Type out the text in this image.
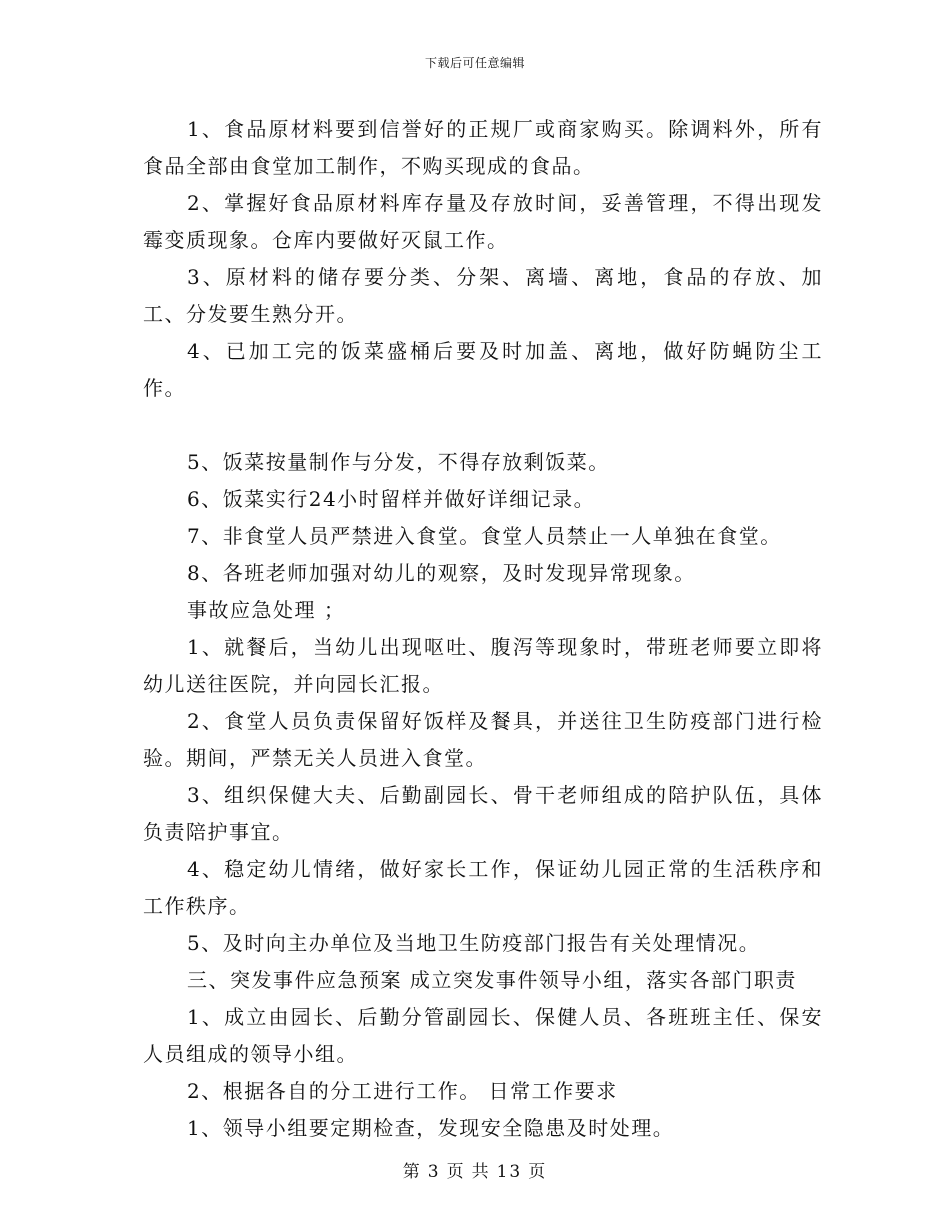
下载后可任意编辑

1、食品原材料要到信誉好的正规厂或商家购买。除调料外，所有食品全部由食堂加工制作，不购买现成的食品。

2、掌握好食品原材料库存量及存放时间，妥善管理，不得出现发霉变质现象。仓库内要做好灭鼠工作。

3、原材料的储存要分类、分架、离墙、离地，食品的存放、加工、分发要生熟分开。

4、已加工完的饭菜盛桶后要及时加盖、离地，做好防蝇防尘工作。

5、饭菜按量制作与分发，不得存放剩饭菜。

6、饭菜实行24小时留样并做好详细记录。

7、非食堂人员严禁进入食堂。食堂人员禁止一人单独在食堂。

8、各班老师加强对幼儿的观察，及时发现异常现象。

事故应急处理 ；

1、就餐后，当幼儿出现呕吐、腹泻等现象时，带班老师要立即将幼儿送往医院，并向园长汇报。

2、食堂人员负责保留好饭样及餐具，并送往卫生防疫部门进行检验。期间，严禁无关人员进入食堂。

3、组织保健大夫、后勤副园长、骨干老师组成的陪护队伍，具体负责陪护事宜。

4、稳定幼儿情绪，做好家长工作，保证幼儿园正常的生活秩序和工作秩序。

5、及时向主办单位及当地卫生防疫部门报告有关处理情况。

三、突发事件应急预案 成立突发事件领导小组，落实各部门职责

1、成立由园长、后勤分管副园长、保健人员、各班班主任、保安人员组成的领导小组。

2、根据各自的分工进行工作。 日常工作要求

1、领导小组要定期检查，发现安全隐患及时处理。

第 3 页 共 13 页
